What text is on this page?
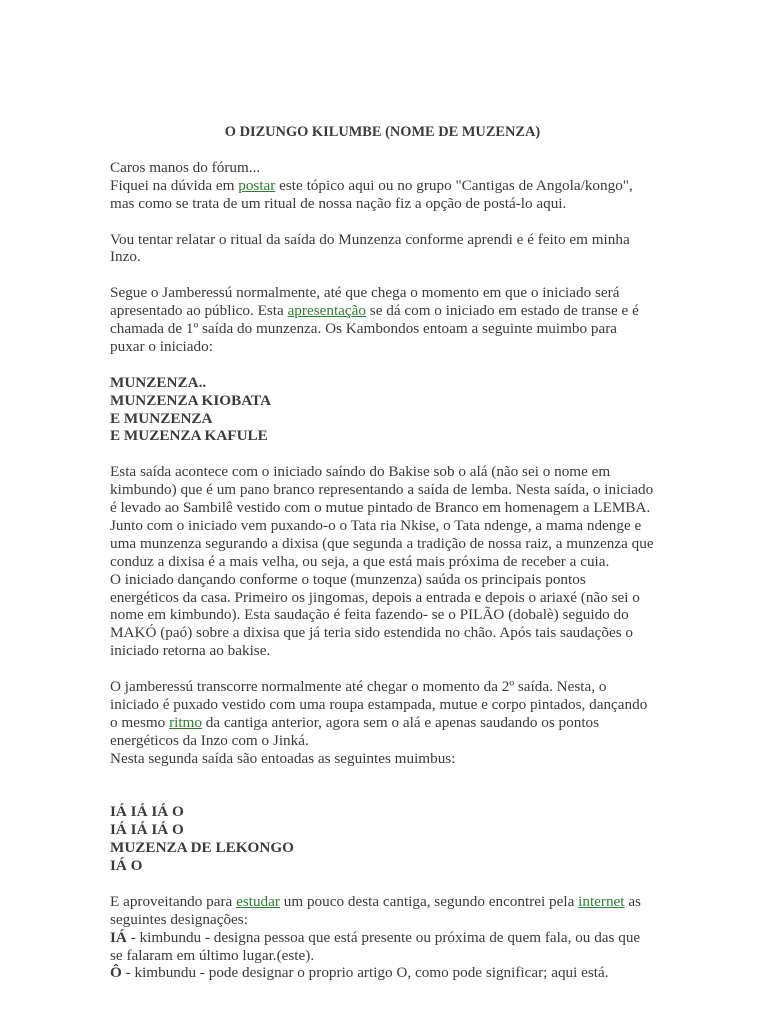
O DIZUNGO KILUMBE (NOME DE MUZENZA)

Caros manos do fórum...
Fiquei na dúvida em postar este tópico aqui ou no grupo "Cantigas de Angola/kongo", mas como se trata de um ritual de nossa nação fiz a opção de postá-lo aqui.

Vou tentar relatar o ritual da saída do Munzenza conforme aprendi e é feito em minha Inzo.

Segue o Jamberessú normalmente, até que chega o momento em que o iniciado será apresentado ao público. Esta apresentação se dá com o iniciado em estado de transe e é chamada de 1º saída do munzenza. Os Kambondos entoam a seguinte muimbo para puxar o iniciado:

MUNZENZA..
MUNZENZA KIOBATA
E MUNZENZA
E MUZENZA KAFULE

Esta saída acontece com o iniciado saíndo do Bakise sob o alá (não sei o nome em kimbundo) que é um pano branco representando a saída de lemba. Nesta saída, o iniciado é levado ao Sambilê vestido com o mutue pintado de Branco em homenagem a LEMBA. Junto com o iniciado vem puxando-o o Tata ria Nkise, o Tata ndenge, a mama ndenge e uma munzenza segurando a dixisa (que segunda a tradição de nossa raiz, a munzenza que conduz a dixisa é a mais velha, ou seja, a que está mais próxima de receber a cuia.

O iniciado dançando conforme o toque (munzenza) saúda os principais pontos energéticos da casa. Primeiro os jingomas, depois a entrada e depois o ariaxé (não sei o nome em kimbundo). Esta saudação é feita fazendo- se o PILÃO (dobalè) seguido do MAKÓ (paó) sobre a dixisa que já teria sido estendida no chão. Após tais saudações o iniciado retorna ao bakise.

O jamberessú transcorre normalmente até chegar o momento da 2º saída. Nesta, o iniciado é puxado vestido com uma roupa estampada, mutue e corpo pintados, dançando o mesmo ritmo da cantiga anterior, agora sem o alá e apenas saudando os pontos energéticos da Inzo com o Jinká.

Nesta segunda saída são entoadas as seguintes muimbus:

IÁ IÁ IÁ O
IÁ IÁ IÁ O
MUZENZA DE LEKONGO
IÁ O

E aproveitando para estudar um pouco desta cantiga, segundo encontrei pela internet as seguintes designações:

IÁ - kimbundu - designa pessoa que está presente ou próxima de quem fala, ou das que se falaram em último lugar.(este).

Ô - kimbundu - pode designar o proprio artigo O, como pode significar; aqui está.
